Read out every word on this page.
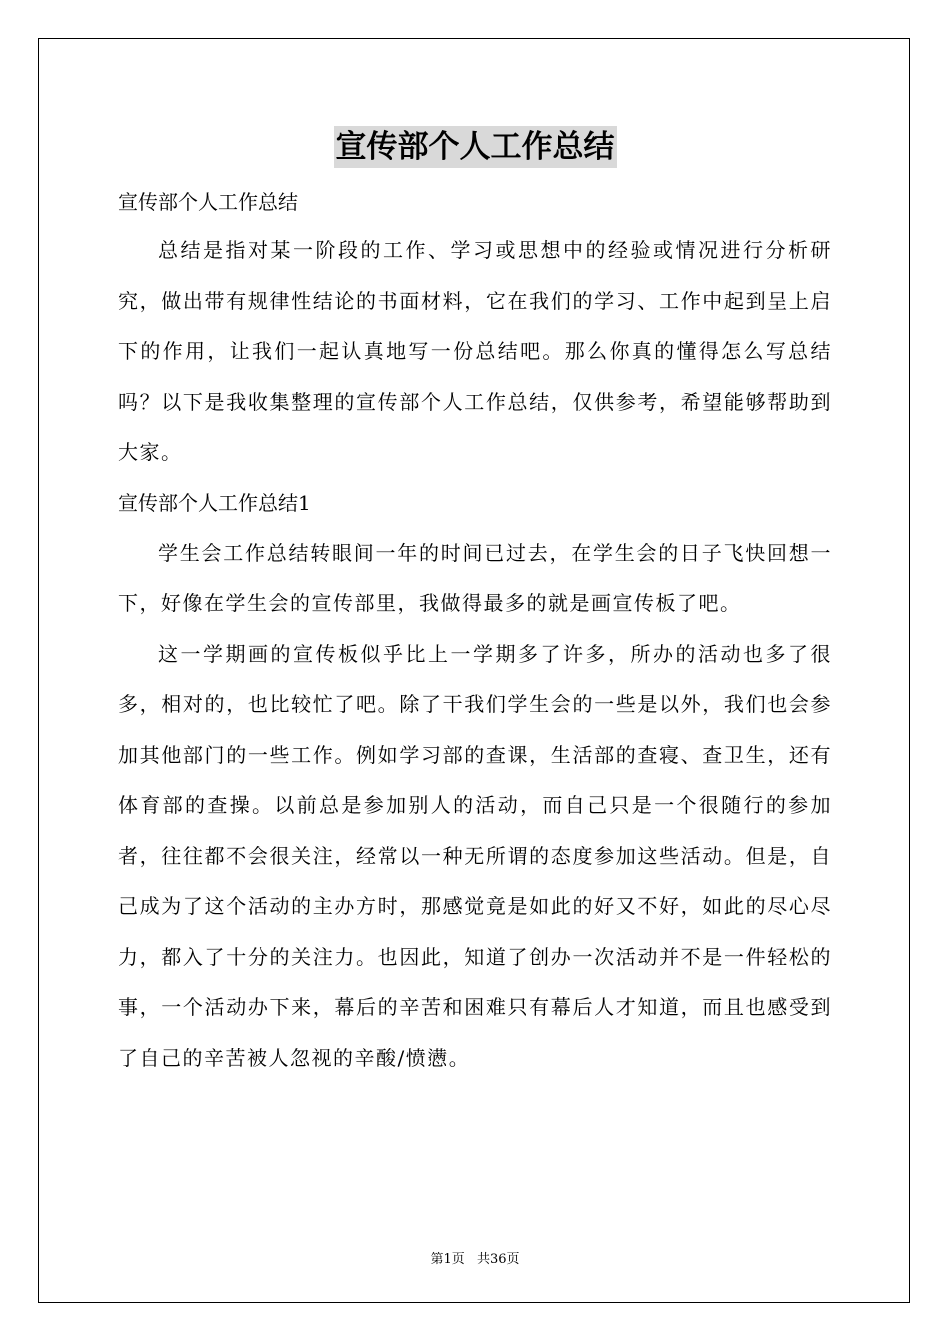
宣传部个人工作总结
宣传部个人工作总结

总结是指对某一阶段的工作、学习或思想中的经验或情况进行分析研究，做出带有规律性结论的书面材料，它在我们的学习、工作中起到呈上启下的作用，让我们一起认真地写一份总结吧。那么你真的懂得怎么写总结吗？以下是我收集整理的宣传部个人工作总结，仅供参考，希望能够帮助到大家。

宣传部个人工作总结1

学生会工作总结转眼间一年的时间已过去，在学生会的日子飞快回想一下，好像在学生会的宣传部里，我做得最多的就是画宣传板了吧。

这一学期画的宣传板似乎比上一学期多了许多，所办的活动也多了很多，相对的，也比较忙了吧。除了干我们学生会的一些是以外，我们也会参加其他部门的一些工作。例如学习部的查课，生活部的查寝、查卫生，还有体育部的查操。以前总是参加别人的活动，而自己只是一个很随行的参加者，往往都不会很关注，经常以一种无所谓的态度参加这些活动。但是，自己成为了这个活动的主办方时，那感觉竟是如此的好又不好，如此的尽心尽力，都入了十分的关注力。也因此，知道了创办一次活动并不是一件轻松的事，一个活动办下来，幕后的辛苦和困难只有幕后人才知道，而且也感受到了自己的辛苦被人忽视的辛酸/愤懑。

第1页 共36页
